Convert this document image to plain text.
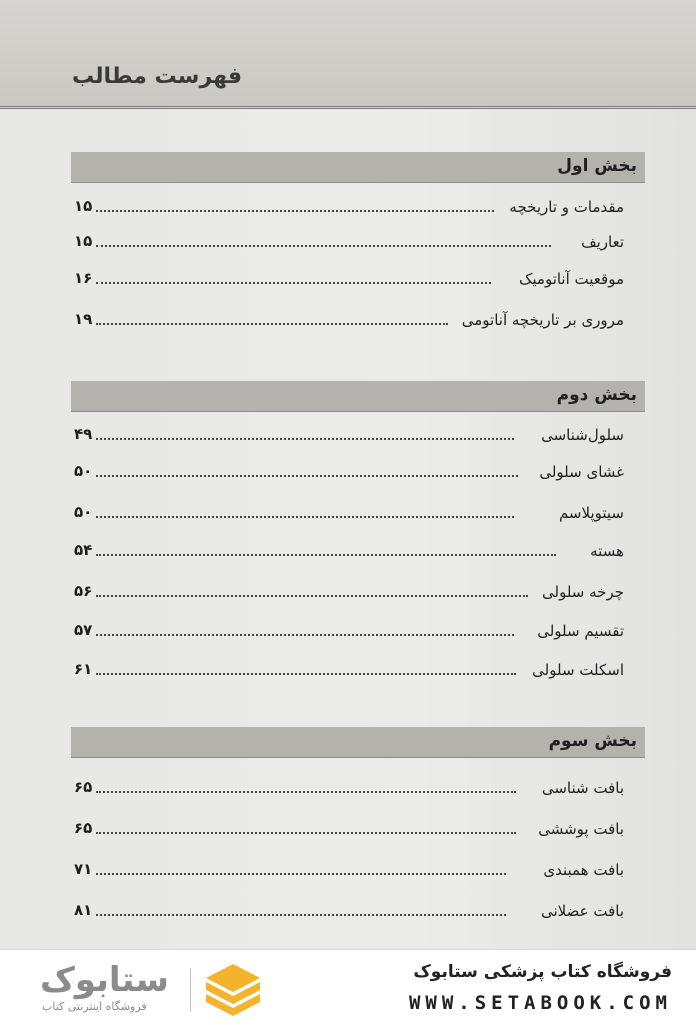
فهرست مطالب
بخش اول
مقدمات و تاریخچه
۱۵
تعاریف
۱۵
موقعیت آناتومیک
۱۶
مروری بر تاریخچه آناتومی
۱۹
بخش دوم
سلول‌شناسی
۴۹
غشای سلولی
۵۰
سیتوپلاسم
۵۰
هسته
۵۴
چرخه سلولی
۵۶
تقسیم سلولی
۵۷
اسکلت سلولی
۶۱
بخش سوم
بافت شناسی
۶۵
بافت پوششی
۶۵
بافت همبندی
۷۱
بافت عضلانی
۸۱
ستابوک
فروشگاه اینترنتی کتاب
فروشگاه کتاب پزشکی ستابوک
WWW.SETABOOK.COM
